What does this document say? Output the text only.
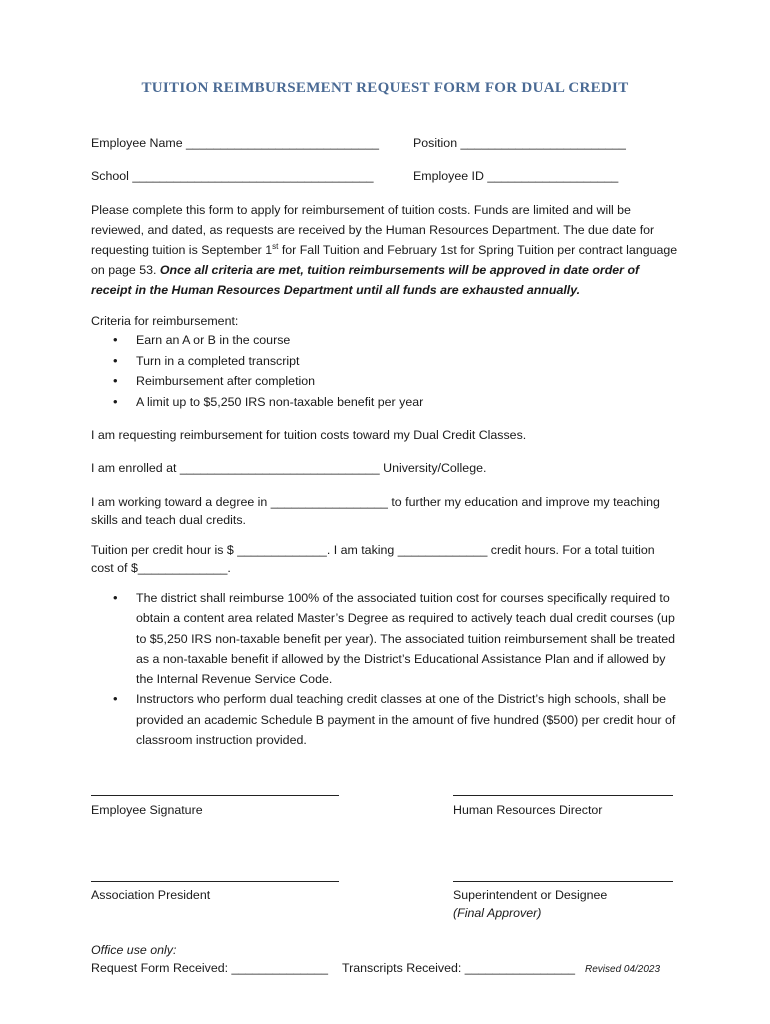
TUITION REIMBURSEMENT REQUEST FORM FOR DUAL CREDIT
Employee Name ____________________________	Position ________________________
School ___________________________________	Employee ID ___________________
Please complete this form to apply for reimbursement of tuition costs. Funds are limited and will be reviewed, and dated, as requests are received by the Human Resources Department. The due date for requesting tuition is September 1st for Fall Tuition and February 1st for Spring Tuition per contract language on page 53. Once all criteria are met, tuition reimbursements will be approved in date order of receipt in the Human Resources Department until all funds are exhausted annually.
Criteria for reimbursement:
• Earn an A or B in the course
• Turn in a completed transcript
• Reimbursement after completion
• A limit up to $5,250 IRS non-taxable benefit per year
I am requesting reimbursement for tuition costs toward my Dual Credit Classes.
I am enrolled at _____________________________ University/College.
I am working toward a degree in _________________ to further my education and improve my teaching skills and teach dual credits.
Tuition per credit hour is $ _____________. I am taking _____________ credit hours. For a total tuition cost of $_____________.
• The district shall reimburse 100% of the associated tuition cost for courses specifically required to obtain a content area related Master’s Degree as required to actively teach dual credit courses (up to $5,250 IRS non-taxable benefit per year). The associated tuition reimbursement shall be treated as a non-taxable benefit if allowed by the District’s Educational Assistance Plan and if allowed by the Internal Revenue Service Code.
• Instructors who perform dual teaching credit classes at one of the District’s high schools, shall be provided an academic Schedule B payment in the amount of five hundred ($500) per credit hour of classroom instruction provided.
Employee Signature	Human Resources Director
Association President	Superintendent or Designee
(Final Approver)
Office use only:
Request Form Received: ______________ Transcripts Received: ________________ Revised 04/2023
